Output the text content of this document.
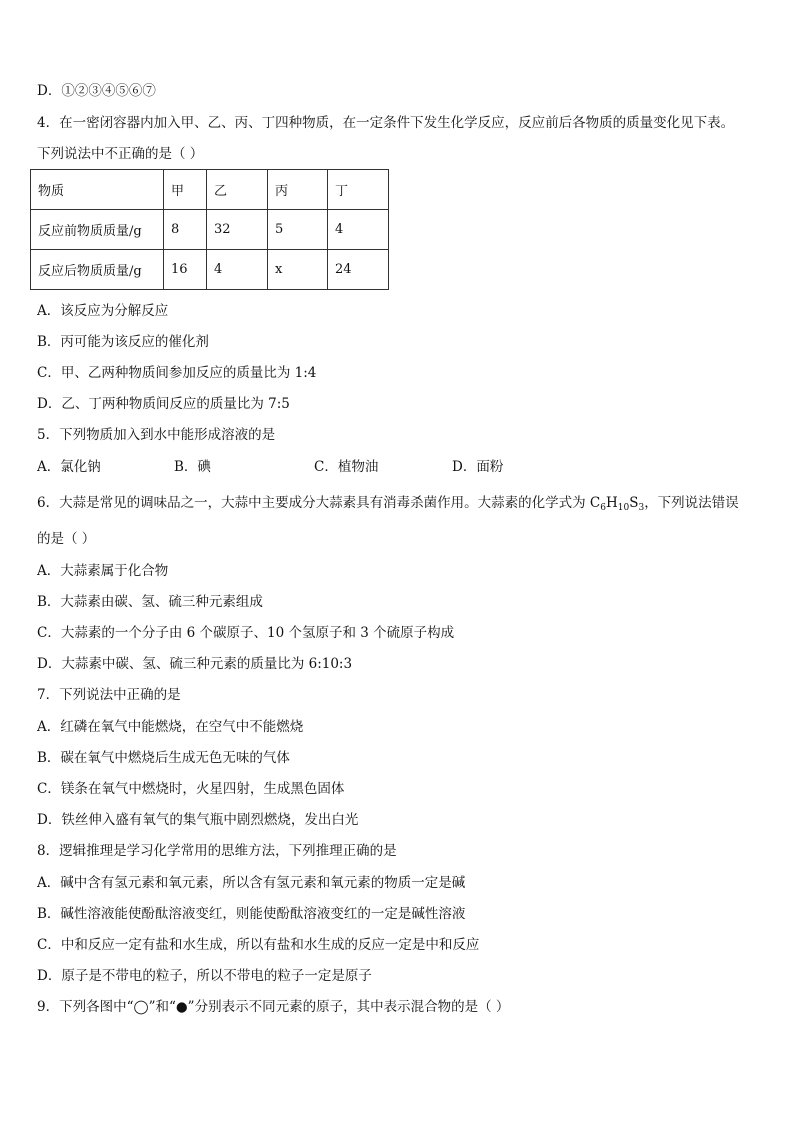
D．①②③④⑤⑥⑦
4．在一密闭容器内加入甲、乙、丙、丁四种物质，在一定条件下发生化学反应，反应前后各物质的质量变化见下表。
下列说法中不正确的是（ ）
物质	甲	乙	丙	丁
反应前物质质量/g	8	32	5	4
反应后物质质量/g	16	4	x	24
A．该反应为分解反应
B．丙可能为该反应的催化剂
C．甲、乙两种物质间参加反应的质量比为 1:4
D．乙、丁两种物质间反应的质量比为 7:5
5．下列物质加入到水中能形成溶液的是
A．氯化钠	B．碘	C．植物油	D．面粉
6．大蒜是常见的调味品之一，大蒜中主要成分大蒜素具有消毒杀菌作用。大蒜素的化学式为 $C_6H_{10}S_3$，下列说法错误
的是（ ）
A．大蒜素属于化合物
B．大蒜素由碳、氢、硫三种元素组成
C．大蒜素的一个分子由 6 个碳原子、10 个氢原子和 3 个硫原子构成
D．大蒜素中碳、氢、硫三种元素的质量比为 6:10:3
7．下列说法中正确的是
A．红磷在氧气中能燃烧，在空气中不能燃烧
B．碳在氧气中燃烧后生成无色无味的气体
C．镁条在氧气中燃烧时，火星四射，生成黑色固体
D．铁丝伸入盛有氧气的集气瓶中剧烈燃烧，发出白光
8．逻辑推理是学习化学常用的思维方法，下列推理正确的是
A．碱中含有氢元素和氧元素，所以含有氢元素和氧元素的物质一定是碱
B．碱性溶液能使酚酞溶液变红，则能使酚酞溶液变红的一定是碱性溶液
C．中和反应一定有盐和水生成，所以有盐和水生成的反应一定是中和反应
D．原子是不带电的粒子，所以不带电的粒子一定是原子
9．下列各图中“◯”和“●”分别表示不同元素的原子，其中表示混合物的是（ ）
